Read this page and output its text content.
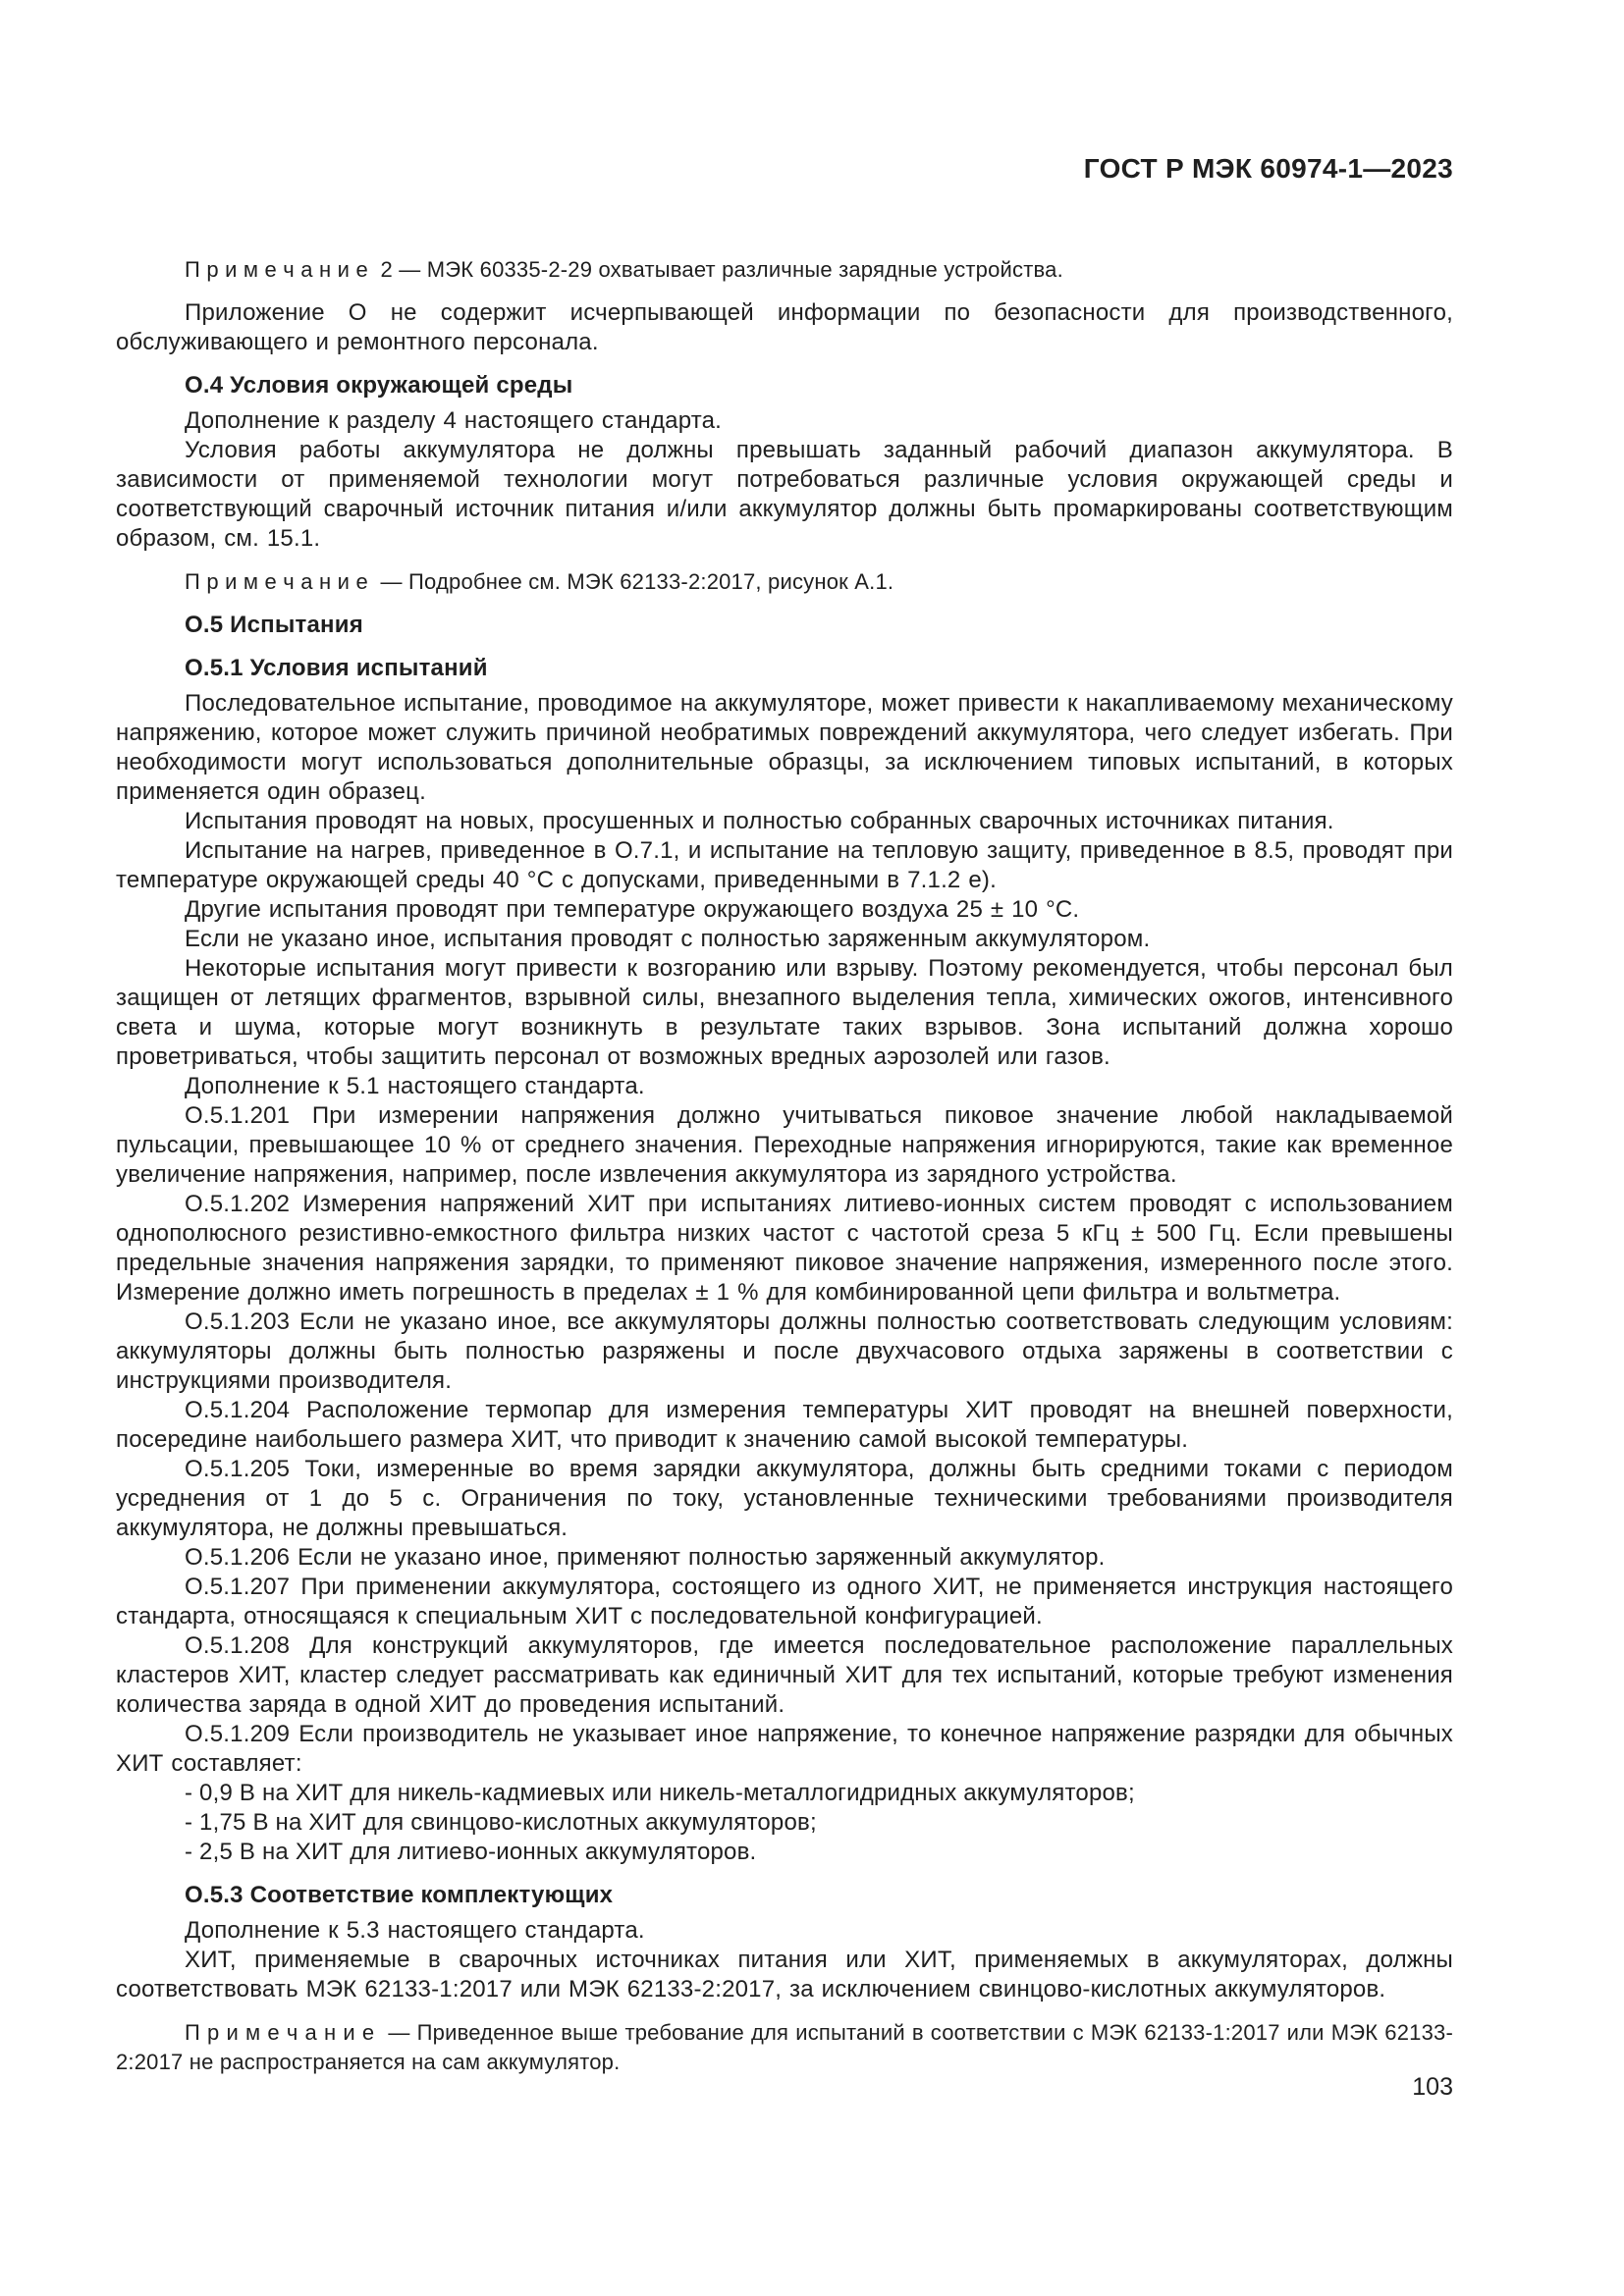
ГОСТ Р МЭК 60974-1—2023

П р и м е ч а н и е  2 — МЭК 60335-2-29 охватывает различные зарядные устройства.

Приложение О не содержит исчерпывающей информации по безопасности для производственного, обслуживающего и ремонтного персонала.

О.4 Условия окружающей среды

Дополнение к разделу 4 настоящего стандарта.

Условия работы аккумулятора не должны превышать заданный рабочий диапазон аккумулятора. В зависимости от применяемой технологии могут потребоваться различные условия окружающей среды и соответствующий сварочный источник питания и/или аккумулятор должны быть промаркированы соответствующим образом, см. 15.1.

П р и м е ч а н и е  — Подробнее см. МЭК 62133-2:2017, рисунок А.1.

О.5 Испытания

О.5.1 Условия испытаний

Последовательное испытание, проводимое на аккумуляторе, может привести к накапливаемому механическому напряжению, которое может служить причиной необратимых повреждений аккумулятора, чего следует избегать. При необходимости могут использоваться дополнительные образцы, за исключением типовых испытаний, в которых применяется один образец.

Испытания проводят на новых, просушенных и полностью собранных сварочных источниках питания.

Испытание на нагрев, приведенное в О.7.1, и испытание на тепловую защиту, приведенное в 8.5, проводят при температуре окружающей среды 40 °С с допусками, приведенными в 7.1.2 е).

Другие испытания проводят при температуре окружающего воздуха 25 ± 10 °С.

Если не указано иное, испытания проводят с полностью заряженным аккумулятором.

Некоторые испытания могут привести к возгоранию или взрыву. Поэтому рекомендуется, чтобы персонал был защищен от летящих фрагментов, взрывной силы, внезапного выделения тепла, химических ожогов, интенсивного света и шума, которые могут возникнуть в результате таких взрывов. Зона испытаний должна хорошо проветриваться, чтобы защитить персонал от возможных вредных аэрозолей или газов.

Дополнение к 5.1 настоящего стандарта.

О.5.1.201 При измерении напряжения должно учитываться пиковое значение любой накладываемой пульсации, превышающее 10 % от среднего значения. Переходные напряжения игнорируются, такие как временное увеличение напряжения, например, после извлечения аккумулятора из зарядного устройства.

О.5.1.202 Измерения напряжений ХИТ при испытаниях литиево-ионных систем проводят с использованием однополюсного резистивно-емкостного фильтра низких частот с частотой среза 5 кГц ± 500 Гц. Если превышены предельные значения напряжения зарядки, то применяют пиковое значение напряжения, измеренного после этого. Измерение должно иметь погрешность в пределах ± 1 % для комбинированной цепи фильтра и вольтметра.

О.5.1.203 Если не указано иное, все аккумуляторы должны полностью соответствовать следующим условиям: аккумуляторы должны быть полностью разряжены и после двухчасового отдыха заряжены в соответствии с инструкциями производителя.

О.5.1.204 Расположение термопар для измерения температуры ХИТ проводят на внешней поверхности, посередине наибольшего размера ХИТ, что приводит к значению самой высокой температуры.

О.5.1.205 Токи, измеренные во время зарядки аккумулятора, должны быть средними токами с периодом усреднения от 1 до 5 с. Ограничения по току, установленные техническими требованиями производителя аккумулятора, не должны превышаться.

О.5.1.206 Если не указано иное, применяют полностью заряженный аккумулятор.

О.5.1.207 При применении аккумулятора, состоящего из одного ХИТ, не применяется инструкция настоящего стандарта, относящаяся к специальным ХИТ с последовательной конфигурацией.

О.5.1.208 Для конструкций аккумуляторов, где имеется последовательное расположение параллельных кластеров ХИТ, кластер следует рассматривать как единичный ХИТ для тех испытаний, которые требуют изменения количества заряда в одной ХИТ до проведения испытаний.

О.5.1.209 Если производитель не указывает иное напряжение, то конечное напряжение разрядки для обычных ХИТ составляет:

- 0,9 В на ХИТ для никель-кадмиевых или никель-металлогидридных аккумуляторов;

- 1,75 В на ХИТ для свинцово-кислотных аккумуляторов;

- 2,5 В на ХИТ для литиево-ионных аккумуляторов.

О.5.3 Соответствие комплектующих

Дополнение к 5.3 настоящего стандарта.

ХИТ, применяемые в сварочных источниках питания или ХИТ, применяемых в аккумуляторах, должны соответствовать МЭК 62133-1:2017 или МЭК 62133-2:2017, за исключением свинцово-кислотных аккумуляторов.

П р и м е ч а н и е  — Приведенное выше требование для испытаний в соответствии с МЭК 62133-1:2017 или МЭК 62133-2:2017 не распространяется на сам аккумулятор.

103
